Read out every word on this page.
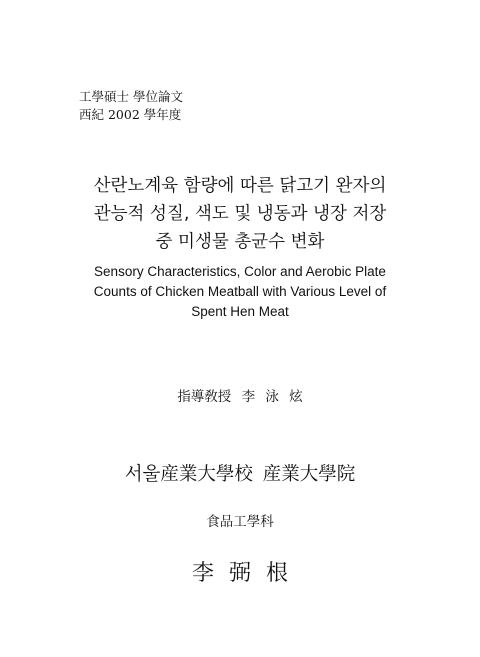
工學碩士 學位論文
西紀 2002 學年度
산란노계육 함량에 따른 닭고기 완자의
관능적 성질, 색도 및 냉동과 냉장 저장
중 미생물 총균수 변화
Sensory Characteristics, Color and Aerobic Plate
Counts of Chicken Meatball with Various Level of
Spent Hen Meat
指導敎授 李 泳 炫
서울産業大學校 産業大學院
食品工學科
李 弼 根
